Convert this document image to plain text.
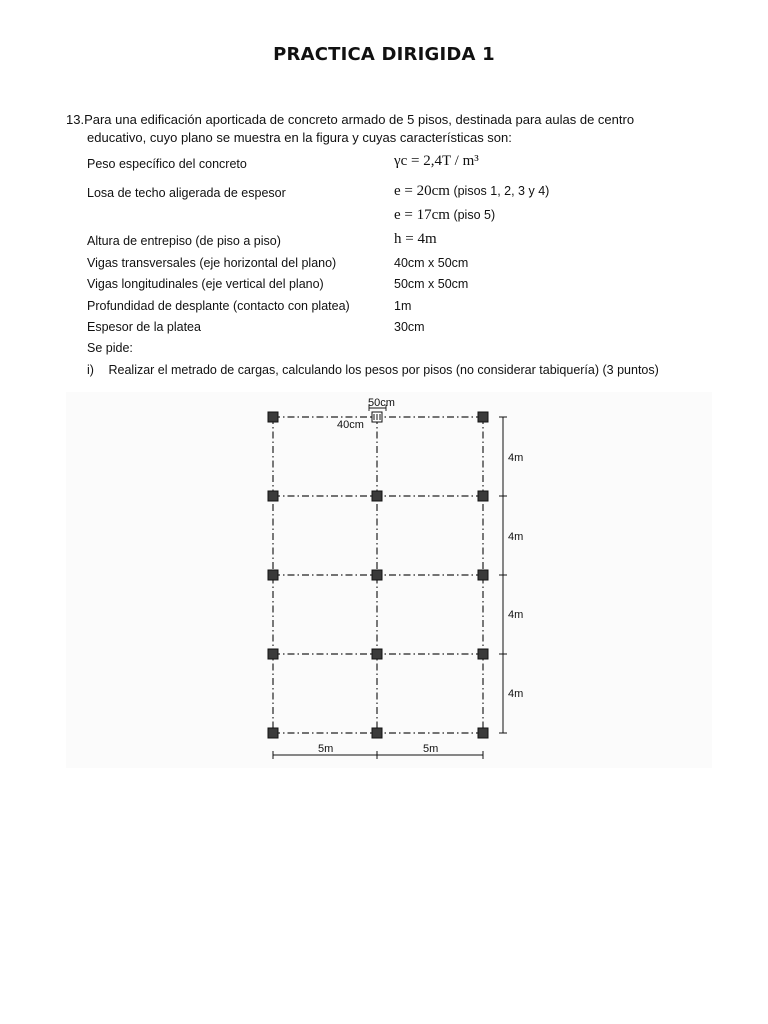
PRACTICA DIRIGIDA 1
13.Para una edificación aporticada de concreto armado de 5 pisos, destinada para aulas de centro
educativo, cuyo plano se muestra en la figura y cuyas características son:
Peso específico del concreto	γc = 2,4T / m³
Losa de techo aligerada de espesor	e = 20cm (pisos 1, 2, 3 y 4)
e = 17cm (piso 5)
Altura de entrepiso (de piso a piso)	h = 4m
Vigas transversales (eje horizontal del plano)	40cm x 50cm
Vigas longitudinales (eje vertical del plano)	50cm x 50cm
Profundidad de desplante (contacto con platea)	1m
Espesor de la platea	30cm
Se pide:
i) Realizar el metrado de cargas, calculando los pesos por pisos (no considerar tabiquería) (3 puntos)
50cm
40cm
4m
4m
4m
4m
5m	5m
